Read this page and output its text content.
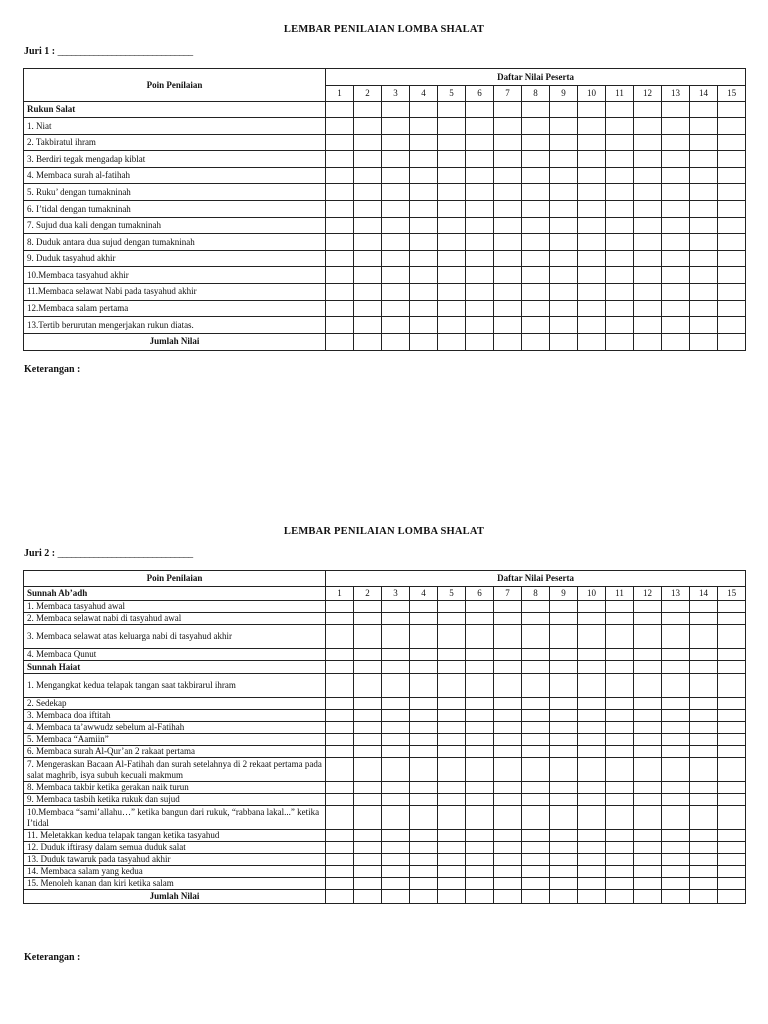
LEMBAR PENILAIAN LOMBA SHALAT
Juri 1 : ______________________________
Poin Penilaian	Daftar Nilai Peserta														
	1	2	3	4	5	6	7	8	9	10	11	12	13	14	15
Rukun Salat															
1. Niat															
2. Takbiratul ihram															
3. Berdiri tegak mengadap kiblat															
4. Membaca surah al-fatihah															
5. Ruku’ dengan tumakninah															
6. I’tidal dengan tumakninah															
7. Sujud dua kali dengan tumakninah															
8. Duduk antara dua sujud dengan tumakninah															
9. Duduk tasyahud akhir															
10.Membaca tasyahud akhir															
11.Membaca selawat Nabi pada tasyahud akhir															
12.Membaca salam pertama															
13.Tertib berurutan mengerjakan rukun diatas.															
Jumlah Nilai															
Keterangan :
LEMBAR PENILAIAN LOMBA SHALAT
Juri 2 : ______________________________
Poin Penilaian	Daftar Nilai Peserta														
Sunnah Ab’adh	1	2	3	4	5	6	7	8	9	10	11	12	13	14	15
1. Membaca tasyahud awal															
2. Membaca selawat nabi di tasyahud awal															
3. Membaca selawat atas keluarga nabi di tasyahud akhir															
4. Membaca Qunut															
Sunnah Haiat															
1. Mengangkat kedua telapak tangan saat takbirarul ihram															
2. Sedekap															
3. Membaca doa iftitah															
4. Membaca ta’awwudz sebelum al-Fatihah															
5. Membaca “Aamiin”															
6. Membaca surah Al-Qur’an 2 rakaat pertama															
7. Mengeraskan Bacaan Al-Fatihah dan surah setelahnya di 2 rekaat pertama pada salat maghrib, isya subuh kecuali makmum															
8. Membaca takbir ketika gerakan naik turun															
9. Membaca tasbih ketika rukuk dan sujud															
10.Membaca “sami’allahu…” ketika bangun dari rukuk, “rabbana lakal...” ketika I’tidal															
11. Meletakkan kedua telapak tangan ketika tasyahud															
12. Duduk iftirasy dalam semua duduk salat															
13. Duduk tawaruk pada tasyahud akhir															
14. Membaca salam yang kedua															
15. Menoleh kanan dan kiri ketika salam															
Jumlah Nilai															
Keterangan :
